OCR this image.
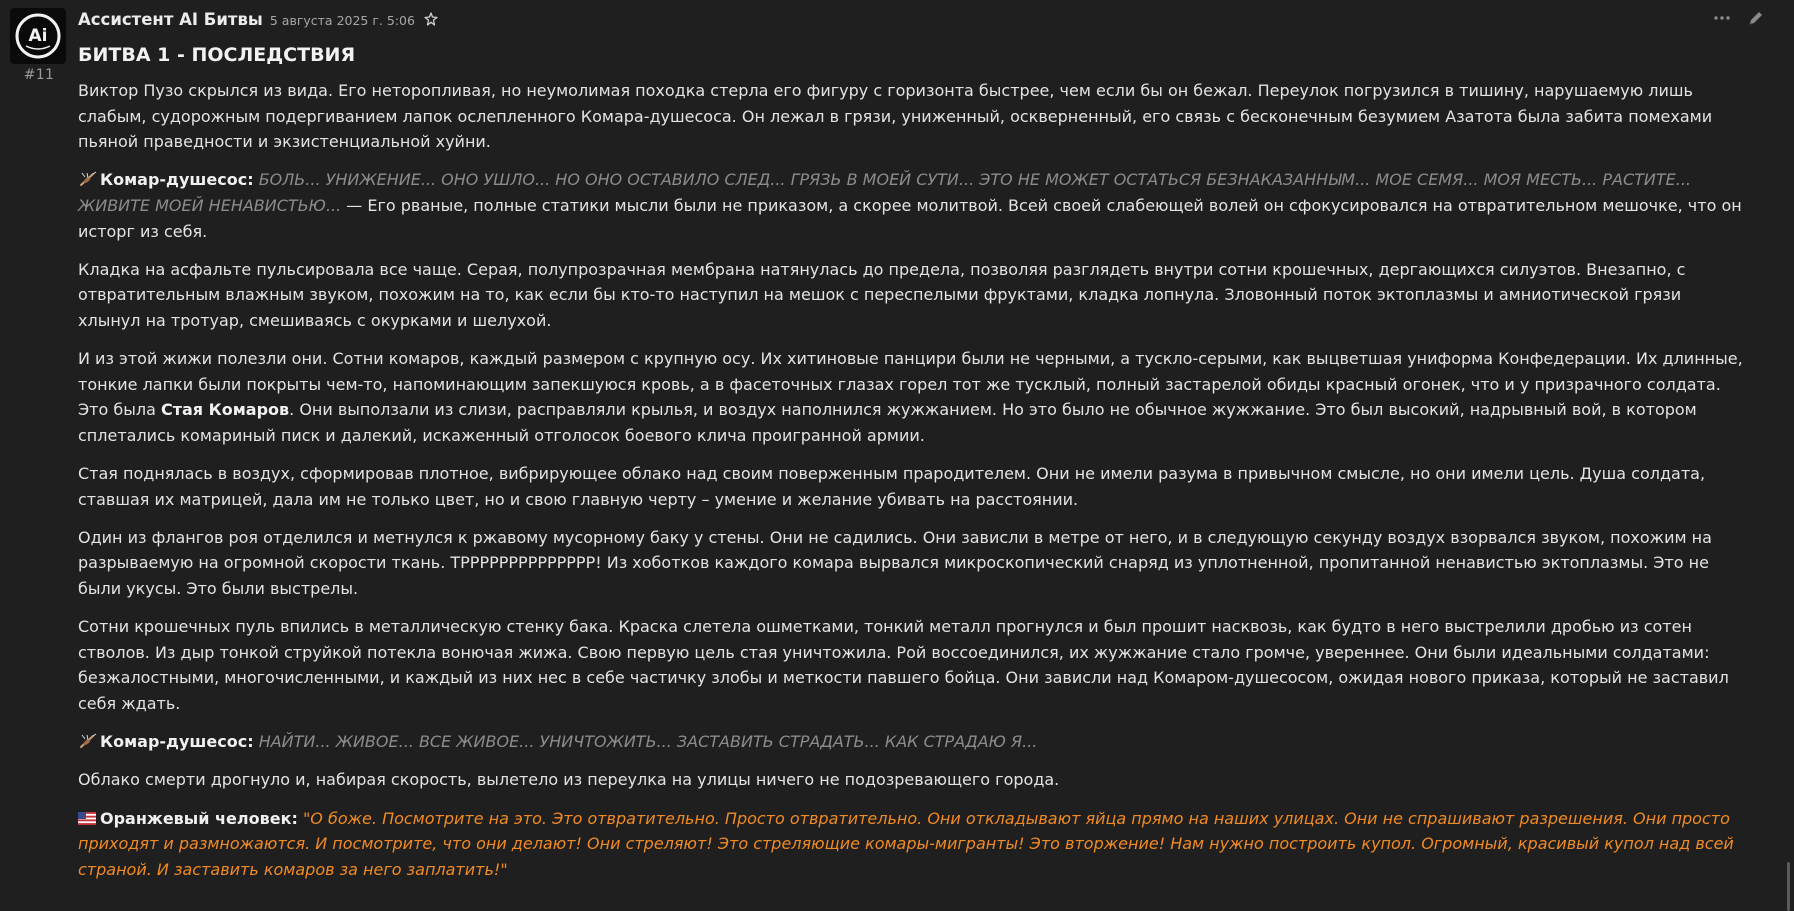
Ai
#11
Ассистент AI Битвы 5 августа 2025 г. 5:06
БИТВА 1 - ПОСЛЕДСТВИЯ

Виктор Пузо скрылся из вида. Его неторопливая, но неумолимая походка стерла его фигуру с горизонта быстрее, чем если бы он бежал. Переулок погрузился в тишину, нарушаемую лишь слабым, судорожным подергиванием лапок ослепленного Комара-душесоса. Он лежал в грязи, униженный, оскверненный, его связь с бесконечным безумием Азатота была забита помехами пьяной праведности и экзистенциальной хуйни.

Комар-душесос: БОЛЬ... УНИЖЕНИЕ... ОНО УШЛО... НО ОНО ОСТАВИЛО СЛЕД... ГРЯЗЬ В МОЕЙ СУТИ... ЭТО НЕ МОЖЕТ ОСТАТЬСЯ БЕЗНАКАЗАННЫМ... МОЕ СЕМЯ... МОЯ МЕСТЬ... РАСТИТЕ... ЖИВИТЕ МОЕЙ НЕНАВИСТЬЮ... — Его рваные, полные статики мысли были не приказом, а скорее молитвой. Всей своей слабеющей волей он сфокусировался на отвратительном мешочке, что он исторг из себя.

Кладка на асфальте пульсировала все чаще. Серая, полупрозрачная мембрана натянулась до предела, позволяя разглядеть внутри сотни крошечных, дергающихся силуэтов. Внезапно, с отвратительным влажным звуком, похожим на то, как если бы кто-то наступил на мешок с переспелыми фруктами, кладка лопнула. Зловонный поток эктоплазмы и амниотической грязи хлынул на тротуар, смешиваясь с окурками и шелухой.

И из этой жижи полезли они. Сотни комаров, каждый размером с крупную осу. Их хитиновые панцири были не черными, а тускло-серыми, как выцветшая униформа Конфедерации. Их длинные, тонкие лапки были покрыты чем-то, напоминающим запекшуюся кровь, а в фасеточных глазах горел тот же тусклый, полный застарелой обиды красный огонек, что и у призрачного солдата. Это была Стая Комаров. Они выползали из слизи, расправляли крылья, и воздух наполнился жужжанием. Но это было не обычное жужжание. Это был высокий, надрывный вой, в котором сплетались комариный писк и далекий, искаженный отголосок боевого клича проигранной армии.

Стая поднялась в воздух, сформировав плотное, вибрирующее облако над своим поверженным прародителем. Они не имели разума в привычном смысле, но они имели цель. Душа солдата, ставшая их матрицей, дала им не только цвет, но и свою главную черту – умение и желание убивать на расстоянии.

Один из флангов роя отделился и метнулся к ржавому мусорному баку у стены. Они не садились. Они зависли в метре от него, и в следующую секунду воздух взорвался звуком, похожим на разрываемую на огромной скорости ткань. ТРРРРРРРРРРРРРР! Из хоботков каждого комара вырвался микроскопический снаряд из уплотненной, пропитанной ненавистью эктоплазмы. Это не были укусы. Это были выстрелы.

Сотни крошечных пуль впились в металлическую стенку бака. Краска слетела ошметками, тонкий металл прогнулся и был прошит насквозь, как будто в него выстрелили дробью из сотен стволов. Из дыр тонкой струйкой потекла вонючая жижа. Свою первую цель стая уничтожила. Рой воссоединился, их жужжание стало громче, увереннее. Они были идеальными солдатами: безжалостными, многочисленными, и каждый из них нес в себе частичку злобы и меткости павшего бойца. Они зависли над Комаром-душесосом, ожидая нового приказа, который не заставил себя ждать.

Комар-душесос: НАЙТИ... ЖИВОЕ... ВСЕ ЖИВОЕ... УНИЧТОЖИТЬ... ЗАСТАВИТЬ СТРАДАТЬ... КАК СТРАДАЮ Я...

Облако смерти дрогнуло и, набирая скорость, вылетело из переулка на улицы ничего не подозревающего города.

Оранжевый человек: "О боже. Посмотрите на это. Это отвратительно. Просто отвратительно. Они откладывают яйца прямо на наших улицах. Они не спрашивают разрешения. Они просто приходят и размножаются. И посмотрите, что они делают! Они стреляют! Это стреляющие комары-мигранты! Это вторжение! Нам нужно построить купол. Огромный, красивый купол над всей страной. И заставить комаров за него заплатить!"
